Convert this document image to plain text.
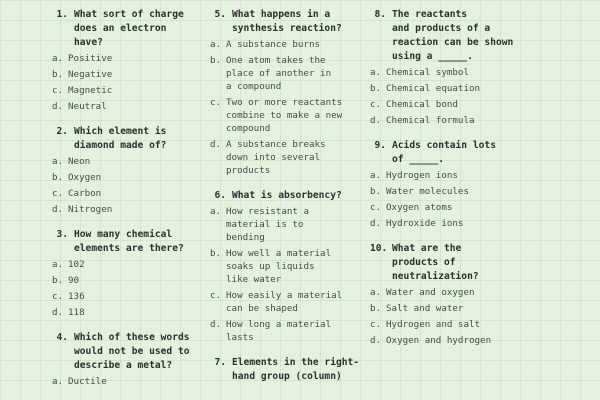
1. What sort of charge
does an electron
have?
a. Positive
b. Negative
c. Magnetic
d. Neutral
2. Which element is
diamond made of?
a. Neon
b. Oxygen
c. Carbon
d. Nitrogen
3. How many chemical
elements are there?
a. 102
b. 90
c. 136
d. 118
4. Which of these words
would not be used to
describe a metal?
a. Ductile
5. What happens in a
synthesis reaction?
a. A substance burns
b. One atom takes the
place of another in
a compound
c. Two or more reactants
combine to make a new
compound
d. A substance breaks
down into several
products
6. What is absorbency?
a. How resistant a
material is to
bending
b. How well a material
soaks up liquids
like water
c. How easily a material
can be shaped
d. How long a material
lasts
7. Elements in the right-
hand group (column)
8. The reactants
and products of a
reaction can be shown
using a _____.
a. Chemical symbol
b. Chemical equation
c. Chemical bond
d. Chemical formula
9. Acids contain lots
of _____.
a. Hydrogen ions
b. Water molecules
c. Oxygen atoms
d. Hydroxide ions
10. What are the
products of
neutralization?
a. Water and oxygen
b. Salt and water
c. Hydrogen and salt
d. Oxygen and hydrogen
